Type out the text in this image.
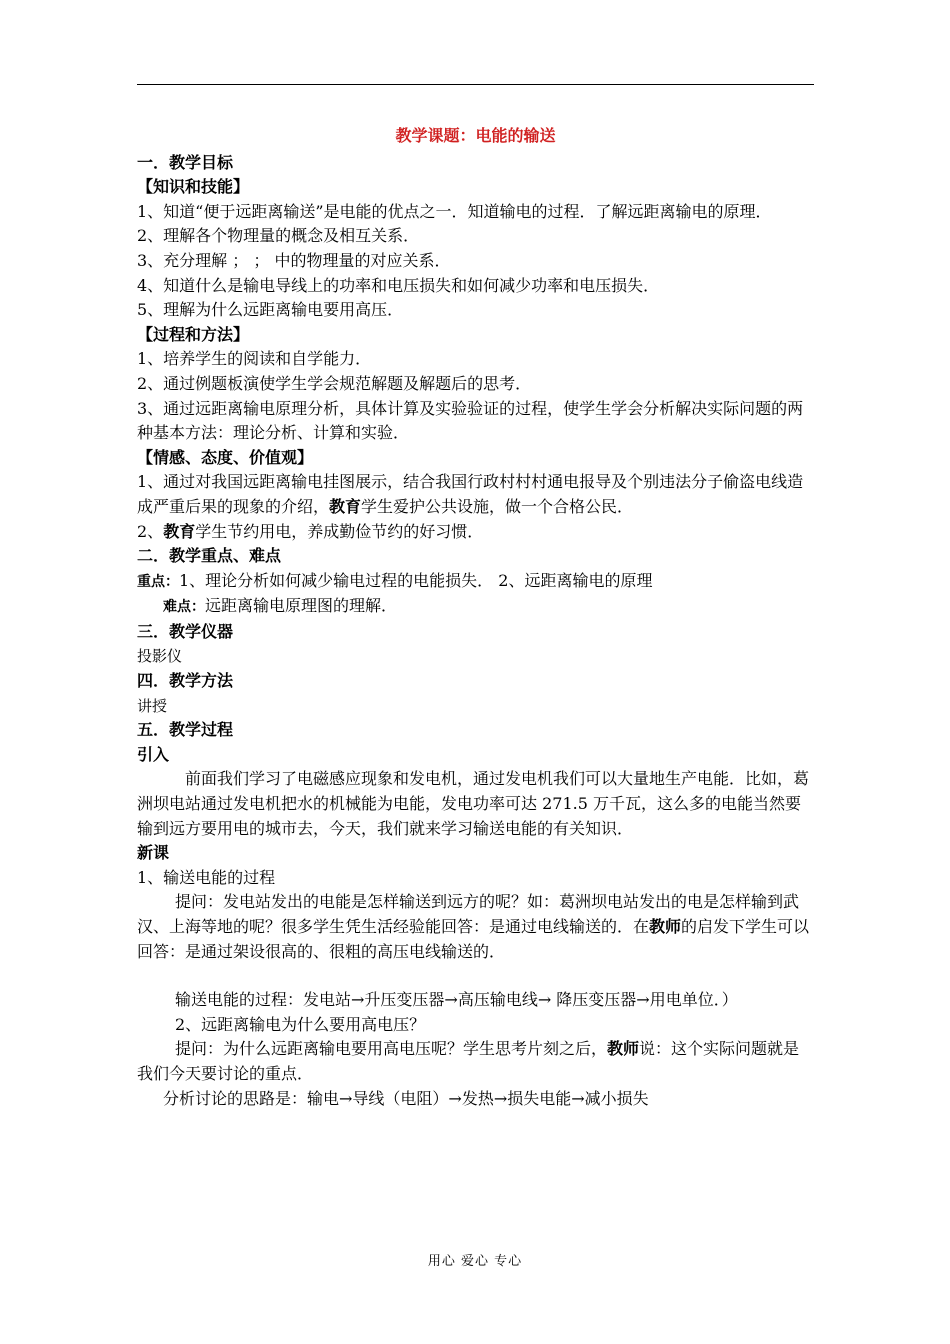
教学课题：电能的输送
一．教学目标
【知识和技能】

1、知道“便于远距离输送”是电能的优点之一．知道输电的过程．了解远距离输电的原理．

2、理解各个物理量的概念及相互关系．

3、充分理解 ； ； 中的物理量的对应关系．

4、知道什么是输电导线上的功率和电压损失和如何减少功率和电压损失．

5、理解为什么远距离输电要用高压．

【过程和方法】

1、培养学生的阅读和自学能力．

2、通过例题板演使学生学会规范解题及解题后的思考．

3、通过远距离输电原理分析，具体计算及实验验证的过程，使学生学会分析解决实际问题的两种基本方法：理论分析、计算和实验．

【情感、态度、价值观】

1、通过对我国远距离输电挂图展示，结合我国行政村村村通电报导及个别违法分子偷盗电线造成严重后果的现象的介绍，教育学生爱护公共设施，做一个合格公民．

2、教育学生节约用电，养成勤俭节约的好习惯．

二．教学重点、难点

重点：1、理论分析如何减少输电过程的电能损失． 2、远距离输电的原理

难点：远距离输电原理图的理解．

三．教学仪器

投影仪

四．教学方法

讲授

五．教学过程
引入

前面我们学习了电磁感应现象和发电机，通过发电机我们可以大量地生产电能．比如，葛洲坝电站通过发电机把水的机械能为电能，发电功率可达 271.5 万千瓦，这么多的电能当然要输到远方要用电的城市去，今天，我们就来学习输送电能的有关知识．

新课

1、输送电能的过程

提问：发电站发出的电能是怎样输送到远方的呢？如：葛洲坝电站发出的电是怎样输到武汉、上海等地的呢？很多学生凭生活经验能回答：是通过电线输送的．在教师的启发下学生可以回答：是通过架设很高的、很粗的高压电线输送的．

输送电能的过程：发电站→升压变压器→高压输电线→ 降压变压器→用电单位．）

2、远距离输电为什么要用高电压？

提问：为什么远距离输电要用高电压呢？学生思考片刻之后，教师说：这个实际问题就是我们今天要讨论的重点．

分析讨论的思路是：输电→导线（电阻）→发热→损失电能→减小损失

用心 爱心 专心
